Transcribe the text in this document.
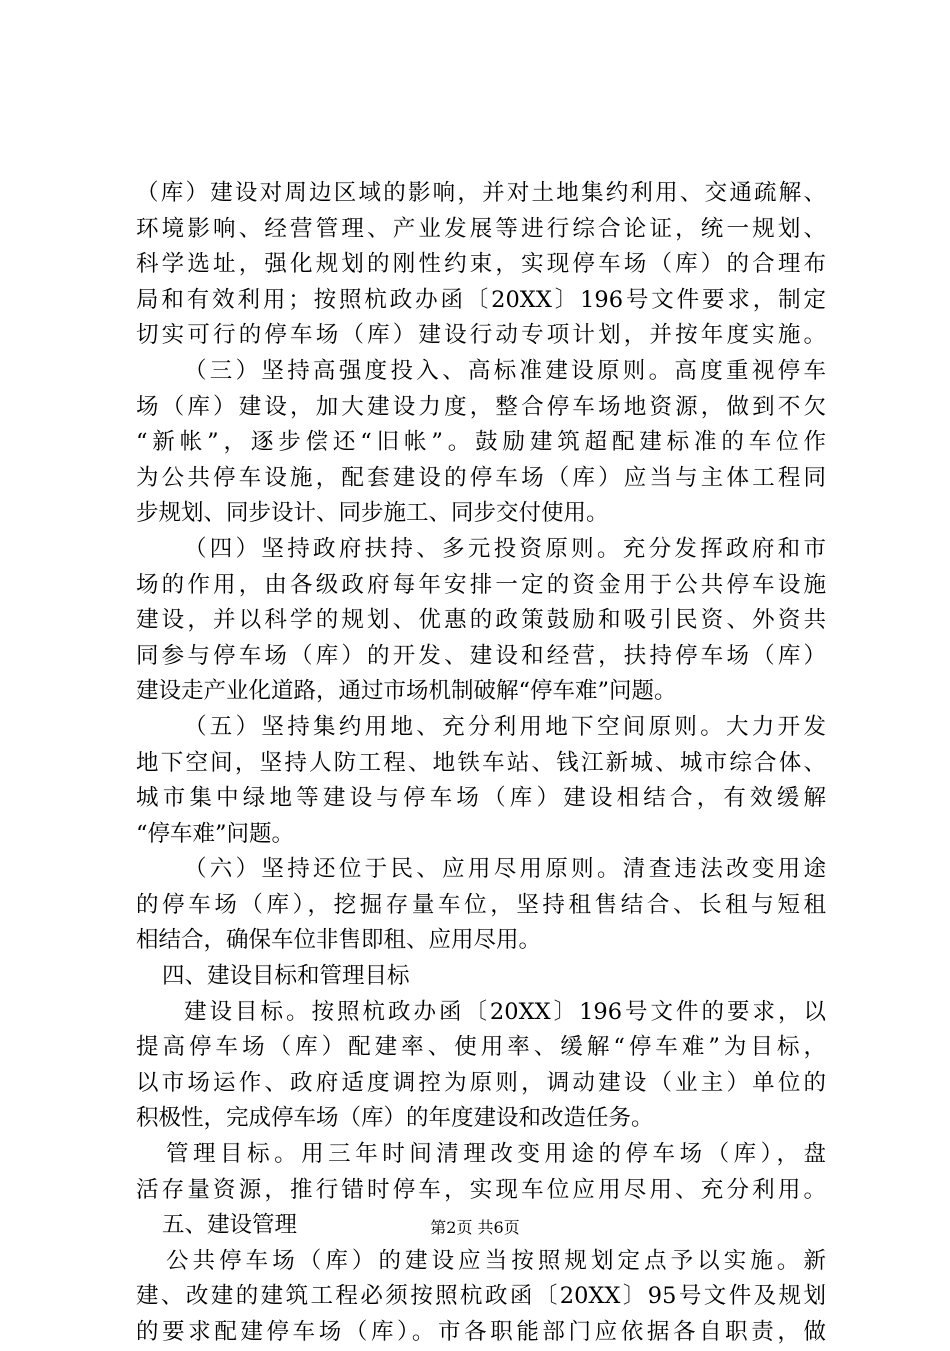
（库）建设对周边区域的影响，并对土地集约利用、交通疏解、
环境影响、经营管理、产业发展等进行综合论证，统一规划、
科学选址，强化规划的刚性约束，实现停车场（库）的合理布
局和有效利用；按照杭政办函〔20XX〕196号文件要求，制定
切实可行的停车场（库）建设行动专项计划，并按年度实施。
（三）坚持高强度投入、高标准建设原则。高度重视停车
场（库）建设，加大建设力度，整合停车场地资源，做到不欠
“新帐”，逐步偿还“旧帐”。鼓励建筑超配建标准的车位作
为公共停车设施，配套建设的停车场（库）应当与主体工程同
步规划、同步设计、同步施工、同步交付使用。
（四）坚持政府扶持、多元投资原则。充分发挥政府和市
场的作用，由各级政府每年安排一定的资金用于公共停车设施
建设，并以科学的规划、优惠的政策鼓励和吸引民资、外资共
同参与停车场（库）的开发、建设和经营，扶持停车场（库）
建设走产业化道路，通过市场机制破解“停车难”问题。
（五）坚持集约用地、充分利用地下空间原则。大力开发
地下空间，坚持人防工程、地铁车站、钱江新城、城市综合体、
城市集中绿地等建设与停车场（库）建设相结合，有效缓解
“停车难”问题。
（六）坚持还位于民、应用尽用原则。清查违法改变用途
的停车场（库），挖掘存量车位，坚持租售结合、长租与短租
相结合，确保车位非售即租、应用尽用。
四、建设目标和管理目标
建设目标。按照杭政办函〔20XX〕196号文件的要求，以
提高停车场（库）配建率、使用率、缓解“停车难”为目标，
以市场运作、政府适度调控为原则，调动建设（业主）单位的
积极性，完成停车场（库）的年度建设和改造任务。
管理目标。用三年时间清理改变用途的停车场（库），盘
活存量资源，推行错时停车，实现车位应用尽用、充分利用。
五、建设管理
公共停车场（库）的建设应当按照规划定点予以实施。新
建、改建的建筑工程必须按照杭政函〔20XX〕95号文件及规划
的要求配建停车场（库）。市各职能部门应依据各自职责，做
第2页 共6页
